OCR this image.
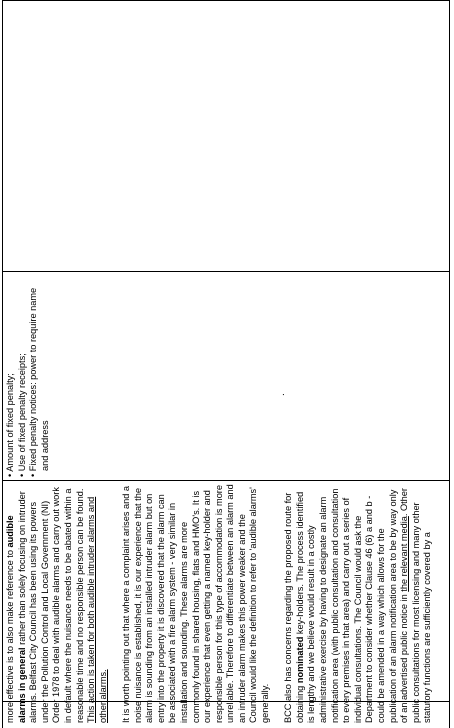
more effective is to also make reference to audible alarms in general rather than solely focusing on intruder alarms. Belfast City Council has been using its powers under the Pollution Control and Local Government (NI) Order 1978 to deal with audible alarms and carry out work in default where the nuisance needs to be abated within a reasonable time and no responsible person can be found. This action is taken for both audible intruder alarms and other alarms. It is worth pointing out that where a complaint arises and a noise nuisance is established, it is our experience that the alarm is sounding from an installed intruder alarm but on entry into the property it is discovered that the alarm can be associated with a fire alarm system - very similar in installation and sounding. These alarms are more commonly found in shared housing, flats and HMO's. It is our experience that even getting a named key-holder and responsible person for this type of accommodation is more unreliable. Therefore to differentiate between an alarm and an intruder alarm makes this power weaker and the Council would like the definition to refer to 'audible alarms' generally. BCC also has concerns regarding the proposed route for obtaining nominated key-holders. The process identified is lengthy and we believe would result in a costly administrative exercise by having to designate an alarm notification area (with public consultation and consultation to every premises in that area) and carry out a series of individual consultations. The Council would ask the Department to consider whether Clause 46 (6) a and b - could be amended in a way which allows for the publication of an alarm notification area to be by way only of an advertised public notice in the relevant media. Other public consultations for most licensing and many other statutory functions are sufficiently covered by a

• Amount of fixed penalty; • Use of fixed penalty receipts; • Fixed penalty notices: power to require name and address
.
